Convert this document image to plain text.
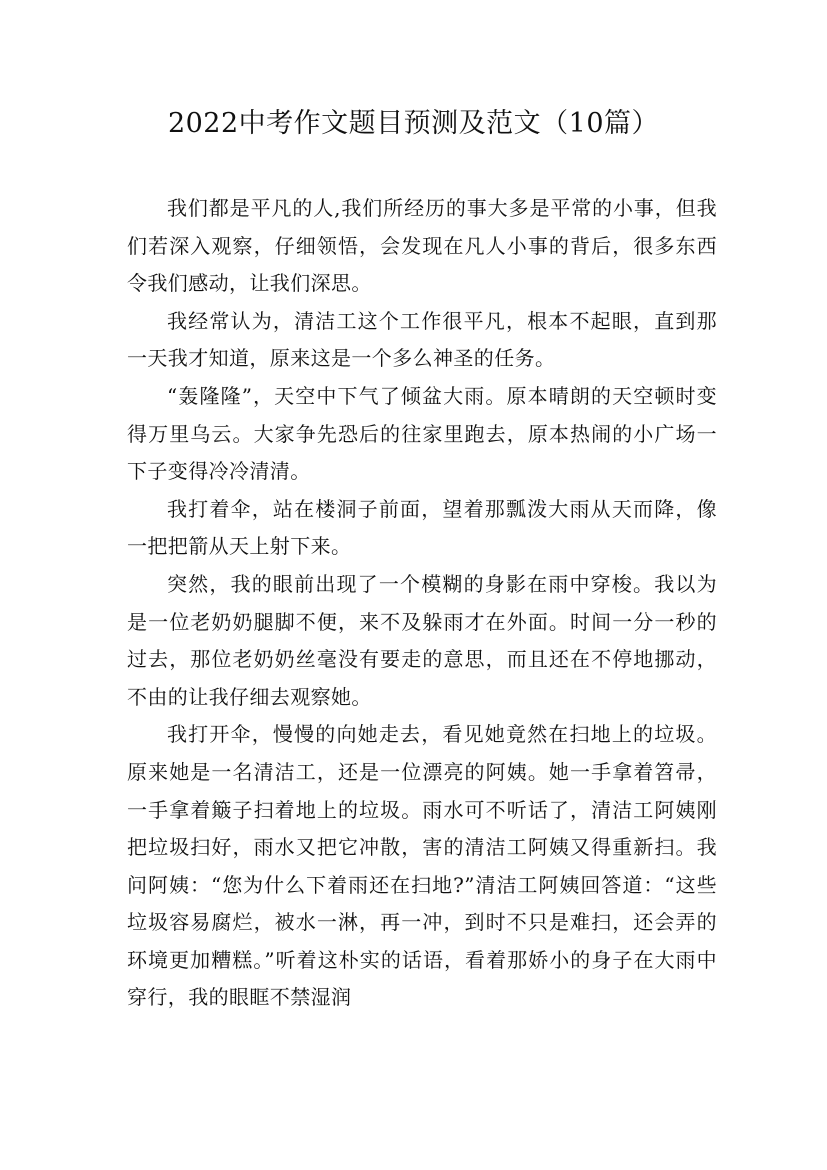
2022中考作文题目预测及范文（10篇）

我们都是平凡的人,我们所经历的事大多是平常的小事，但我们若深入观察，仔细领悟，会发现在凡人小事的背后，很多东西令我们感动，让我们深思。

我经常认为，清洁工这个工作很平凡，根本不起眼，直到那一天我才知道，原来这是一个多么神圣的任务。

“轰隆隆”，天空中下气了倾盆大雨。原本晴朗的天空顿时变得万里乌云。大家争先恐后的往家里跑去，原本热闹的小广场一下子变得冷冷清清。

我打着伞，站在楼洞子前面，望着那瓢泼大雨从天而降，像一把把箭从天上射下来。

突然，我的眼前出现了一个模糊的身影在雨中穿梭。我以为是一位老奶奶腿脚不便，来不及躲雨才在外面。时间一分一秒的过去，那位老奶奶丝毫没有要走的意思，而且还在不停地挪动，不由的让我仔细去观察她。

我打开伞，慢慢的向她走去，看见她竟然在扫地上的垃圾。原来她是一名清洁工，还是一位漂亮的阿姨。她一手拿着笤帚，一手拿着簸子扫着地上的垃圾。雨水可不听话了，清洁工阿姨刚把垃圾扫好，雨水又把它冲散，害的清洁工阿姨又得重新扫。我问阿姨：“您为什么下着雨还在扫地?”清洁工阿姨回答道：“这些垃圾容易腐烂，被水一淋，再一冲，到时不只是难扫，还会弄的环境更加糟糕。”听着这朴实的话语，看着那娇小的身子在大雨中穿行，我的眼眶不禁湿润
